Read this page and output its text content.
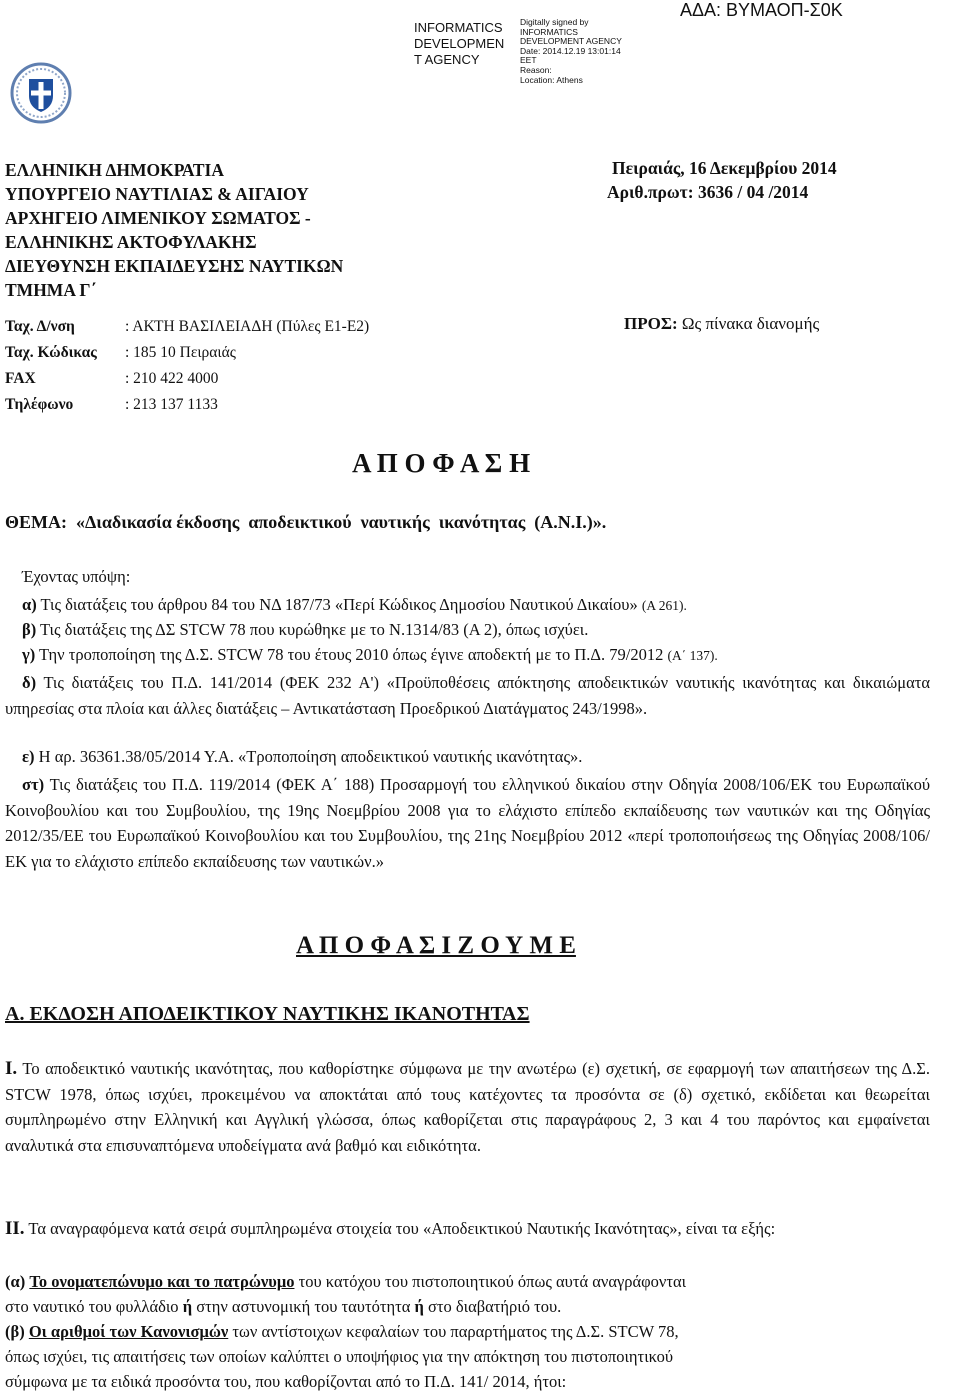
INFORMATICS
DEVELOPMEN
T AGENCY
Digitally signed by
INFORMATICS
DEVELOPMENT AGENCY
Date: 2014.12.19 13:01:14
EET
Reason:
Location: Athens
ΑΔΑ: ΒΥΜΑΟΠ-Σ0Κ
ΕΛΛΗΝΙΚΗ ΔΗΜΟΚΡΑΤΙΑ
ΥΠΟΥΡΓΕΙΟ ΝΑΥΤΙΛΙΑΣ & ΑΙΓΑΙΟΥ
ΑΡΧΗΓΕΙΟ ΛΙΜΕΝΙΚΟΥ ΣΩΜΑΤΟΣ -
ΕΛΛΗΝΙΚΗΣ ΑΚΤΟΦΥΛΑΚΗΣ
ΔΙΕΥΘΥΝΣΗ ΕΚΠΑΙΔΕΥΣΗΣ ΝΑΥΤΙΚΩΝ
ΤΜΗΜΑ Γ΄
Πειραιάς, 16 Δεκεμβρίου 2014
Αριθ.πρωτ: 3636 / 04 /2014
Ταχ. Δ/νση	: ΑΚΤΗ ΒΑΣΙΛΕΙΑΔΗ (Πύλες Ε1-Ε2)
Ταχ. Κώδικας : 185 10 Πειραιάς
FAX	: 210 422 4000
Τηλέφωνο	: 213 137 1133
ΠΡΟΣ: Ως πίνακα διανομής
Α Π Ο Φ Α Σ Η
ΘΕΜΑ:  «Διαδικασία έκδοσης  αποδεικτικού  ναυτικής  ικανότητας  (Α.Ν.Ι.)».
Έχοντας υπόψη:
α) Τις διατάξεις του άρθρου 84 του ΝΔ 187/73 «Περί Κώδικος Δημοσίου Ναυτικού Δικαίου» (Α 261).
β) Τις διατάξεις της ΔΣ STCW 78 που κυρώθηκε με το Ν.1314/83 (Α 2), όπως ισχύει.
γ) Την τροποποίηση της Δ.Σ. STCW 78 του έτους 2010 όπως έγινε αποδεκτή με το Π.Δ. 79/2012 (Α΄ 137).
δ) Τις διατάξεις του Π.Δ. 141/2014 (ΦΕΚ 232 Α') «Προϋποθέσεις απόκτησης αποδεικτικών ναυτικής ικανότητας και δικαιώματα υπηρεσίας στα πλοία και άλλες διατάξεις – Αντικατάσταση Προεδρικού Διατάγματος 243/1998».
ε) Η αρ. 36361.38/05/2014 Υ.Α. «Τροποποίηση αποδεικτικού ναυτικής ικανότητας».
στ) Τις διατάξεις του Π.Δ. 119/2014 (ΦΕΚ Α΄ 188) Προσαρμογή του ελληνικού δικαίου στην Οδηγία 2008/106/ΕΚ του Ευρωπαϊκού Κοινοβουλίου και του Συμβουλίου, της 19ης Νοεμβρίου 2008 για το ελάχιστο επίπεδο εκπαίδευσης των ναυτικών και της Οδηγίας 2012/35/ΕΕ του Ευρωπαϊκού Κοινοβουλίου και του Συμβουλίου, της 21ης Νοεμβρίου 2012 «περί τροποποιήσεως της Οδηγίας 2008/106/ΕΚ για το ελάχιστο επίπεδο εκπαίδευσης των ναυτικών.»
Α Π Ο Φ Α Σ Ι Ζ Ο Υ Μ Ε
Α. ΕΚΔΟΣΗ ΑΠΟΔΕΙΚΤΙΚΟΥ ΝΑΥΤΙΚΗΣ ΙΚΑΝΟΤΗΤΑΣ
Ι. Το αποδεικτικό ναυτικής ικανότητας, που καθορίστηκε σύμφωνα με την ανωτέρω (ε) σχετική, σε εφαρμογή των απαιτήσεων της Δ.Σ. STCW 1978, όπως ισχύει, προκειμένου να αποκτάται από τους κατέχοντες τα προσόντα σε (δ) σχετικό, εκδίδεται και θεωρείται συμπληρωμένο στην Ελληνική και Αγγλική γλώσσα, όπως καθορίζεται στις παραγράφους 2, 3 και 4 του παρόντος και εμφαίνεται αναλυτικά στα επισυναπτόμενα υποδείγματα ανά βαθμό και ειδικότητα.
ΙΙ. Τα αναγραφόμενα κατά σειρά συμπληρωμένα στοιχεία του «Αποδεικτικού Ναυτικής Ικανότητας», είναι τα εξής:
(α) Το ονοματεπώνυμο και το πατρώνυμο του κατόχου του πιστοποιητικού όπως αυτά αναγράφονται
στο ναυτικό του φυλλάδιο ή στην αστυνομική του ταυτότητα ή στο διαβατήριό του.
(β) Οι αριθμοί των Κανονισμών των αντίστοιχων κεφαλαίων του παραρτήματος της Δ.Σ. STCW 78,
όπως ισχύει, τις απαιτήσεις των οποίων καλύπτει ο υποψήφιος για την απόκτηση του πιστοποιητικού
σύμφωνα με τα ειδικά προσόντα του, που καθορίζονται από το Π.Δ. 141/ 2014, ήτοι:
